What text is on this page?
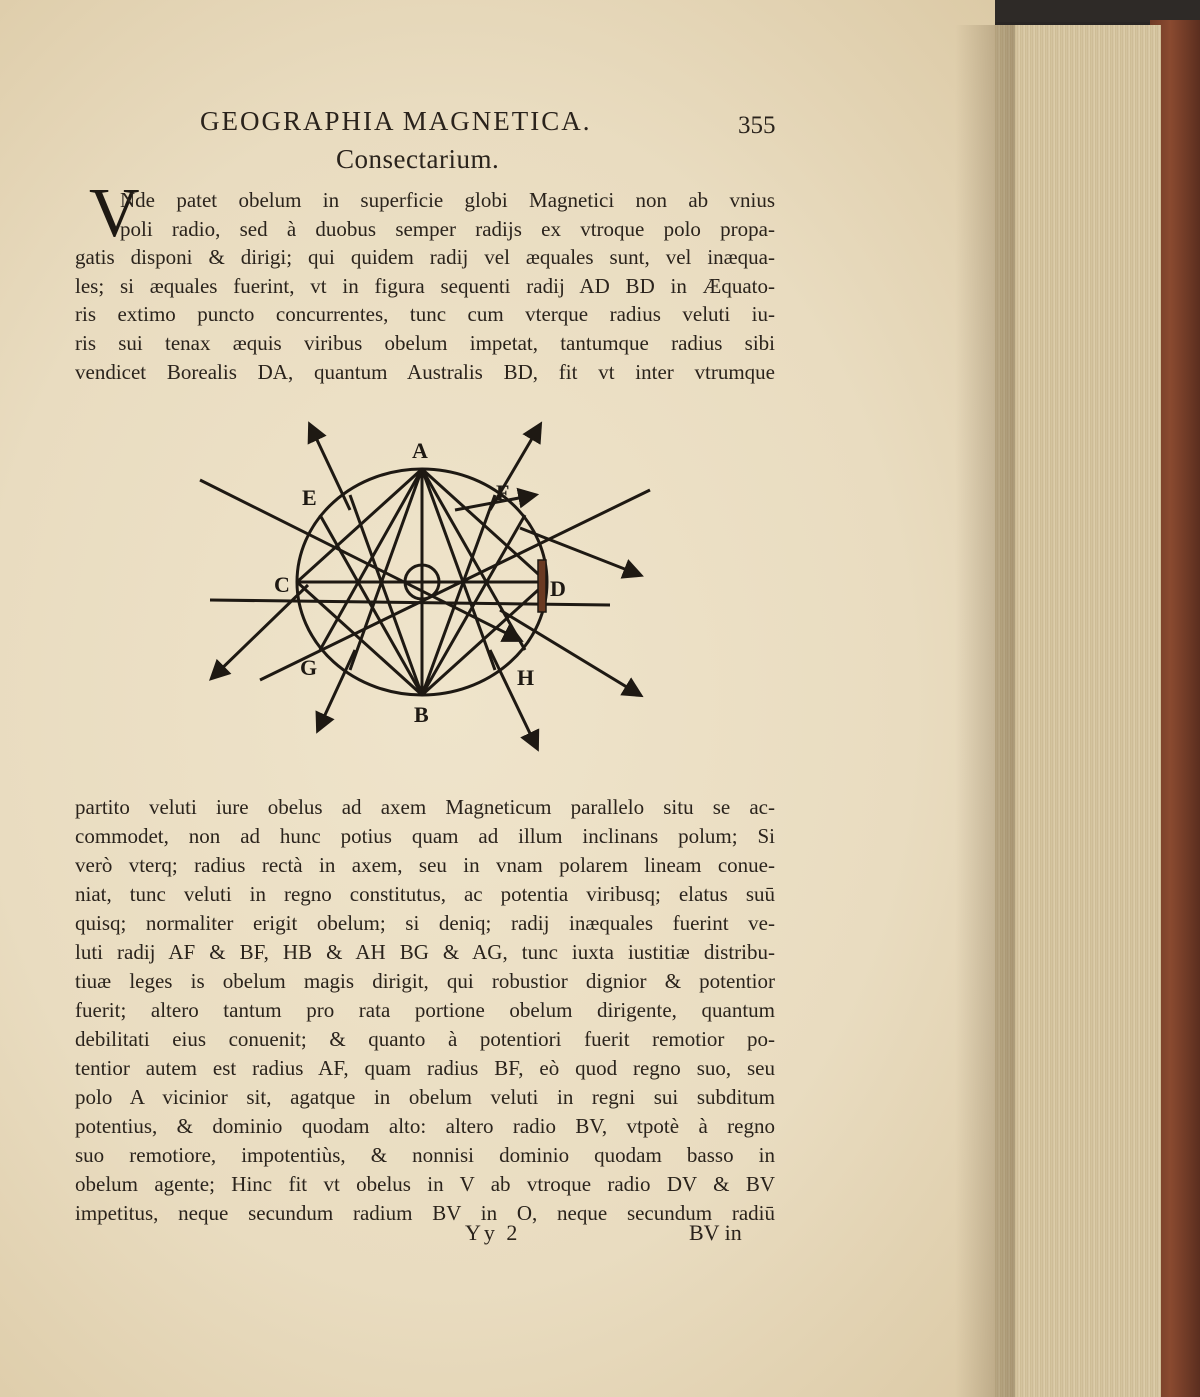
GEOGRAPHIA MAGNETICA.	355
Consectarium.
V
Nde patet obelum in superficie globi Magnetici non ab vnius
poli radio, sed à duobus semper radijs ex vtroque polo propa-
gatis disponi & dirigi; qui quidem radij vel æquales sunt, vel inæqua-
les; si æquales fuerint, vt in figura sequenti radij AD BD in Æquato-
ris extimo puncto concurrentes, tunc cum vterque radius veluti iu-
ris sui tenax æquis viribus obelum impetat, tantumque radius sibi
vendicet Borealis DA, quantum Australis BD, fit vt inter vtrumque
A
B
C	D
E	F
G	H
partito veluti iure obelus ad axem Magneticum parallelo situ se ac-
commodet, non ad hunc potius quam ad illum inclinans polum; Si
verò vterq; radius rectà in axem, seu in vnam polarem lineam conue-
niat, tunc veluti in regno constitutus, ac potentia viribusq; elatus suū
quisq; normaliter erigit obelum; si deniq; radij inæquales fuerint ve-
luti radij AF & BF, HB & AH BG & AG, tunc iuxta iustitiæ distribu-
tiuæ leges is obelum magis dirigit, qui robustior dignior & potentior
fuerit; altero tantum pro rata portione obelum dirigente, quantum
debilitati eius conuenit; & quanto à potentiori fuerit remotior po-
tentior autem est radius AF, quam radius BF, eò quod regno suo, seu
polo A vicinior sit, agatque in obelum veluti in regni sui subditum
potentius, & dominio quodam alto: altero radio BV, vtpotè à regno
suo remotiore, impotentiùs, & nonnisi dominio quodam basso in
obelum agente; Hinc fit vt obelus in V ab vtroque radio DV & BV
impetitus, neque secundum radium BV in O, neque secundum radiū
Yy 2	BV in
